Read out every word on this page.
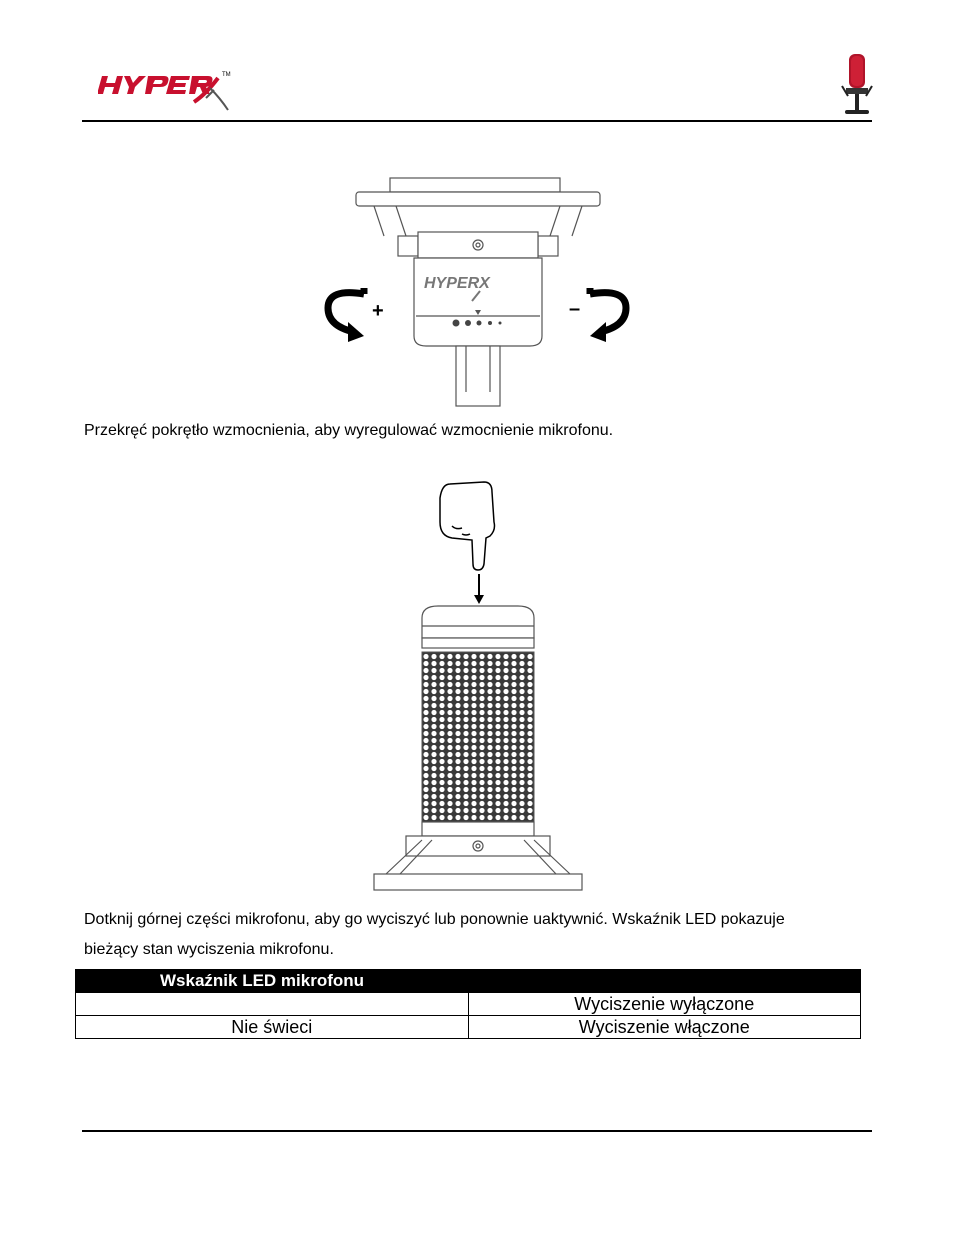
TM
HYPERX
+	–
Przekręć pokrętło wzmocnienia, aby wyregulować wzmocnienie mikrofonu.
Dotknij górnej części mikrofonu, aby go wyciszyć lub ponownie uaktywnić. Wskaźnik LED pokazuje
bieżący stan wyciszenia mikrofonu.
Wskaźnik LED mikrofonu	
	Wyciszenie wyłączone
Nie świeci	Wyciszenie włączone
